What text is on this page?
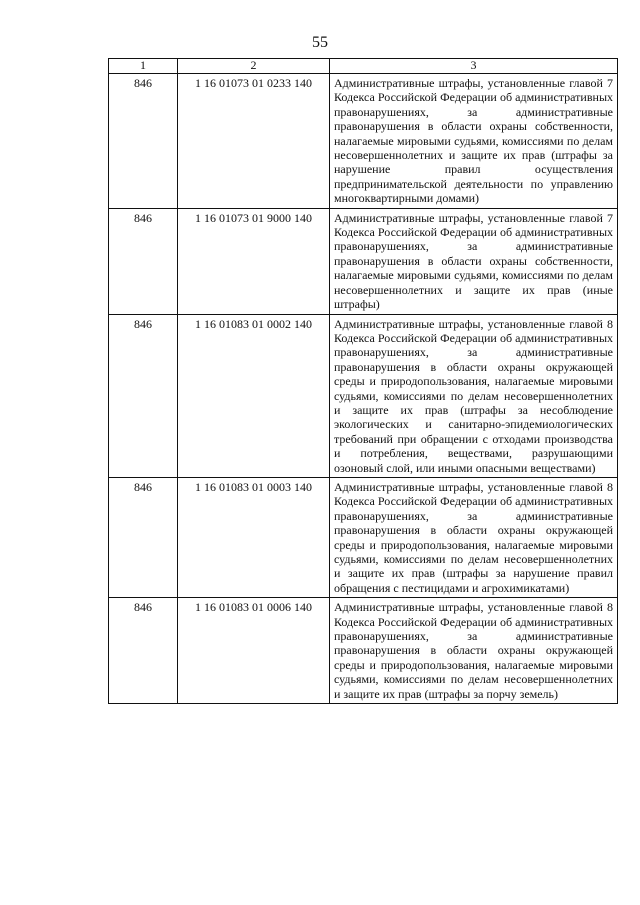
55
1	2	3
846	1 16 01073 01 0233 140	Административные штрафы, установленные главой 7 Кодекса Российской Федерации об административных правонарушениях, за административные правонарушения в области охраны собственности, налагаемые мировыми судьями, комиссиями по делам несовершеннолетних и защите их прав (штрафы за нарушение правил осуществления предпринимательской деятельности по управлению многоквартирными домами)
846	1 16 01073 01 9000 140	Административные штрафы, установленные главой 7 Кодекса Российской Федерации об административных правонарушениях, за административные правонарушения в области охраны собственности, налагаемые мировыми судьями, комиссиями по делам несовершеннолетних и защите их прав (иные штрафы)
846	1 16 01083 01 0002 140	Административные штрафы, установленные главой 8 Кодекса Российской Федерации об административных правонарушениях, за административные правонарушения в области охраны окружающей среды и природопользования, налагаемые мировыми судьями, комиссиями по делам несовершеннолетних и защите их прав (штрафы за несоблюдение экологических и санитарно-эпидемиологических требований при обращении с отходами производства и потребления, веществами, разрушающими озоновый слой, или иными опасными веществами)
846	1 16 01083 01 0003 140	Административные штрафы, установленные главой 8 Кодекса Российской Федерации об административных правонарушениях, за административные правонарушения в области охраны окружающей среды и природопользования, налагаемые мировыми судьями, комиссиями по делам несовершеннолетних и защите их прав (штрафы за нарушение правил обращения с пестицидами и агрохимикатами)
846	1 16 01083 01 0006 140	Административные штрафы, установленные главой 8 Кодекса Российской Федерации об административных правонарушениях, за административные правонарушения в области охраны окружающей среды и природопользования, налагаемые мировыми судьями, комиссиями по делам несовершеннолетних и защите их прав (штрафы за порчу земель)
